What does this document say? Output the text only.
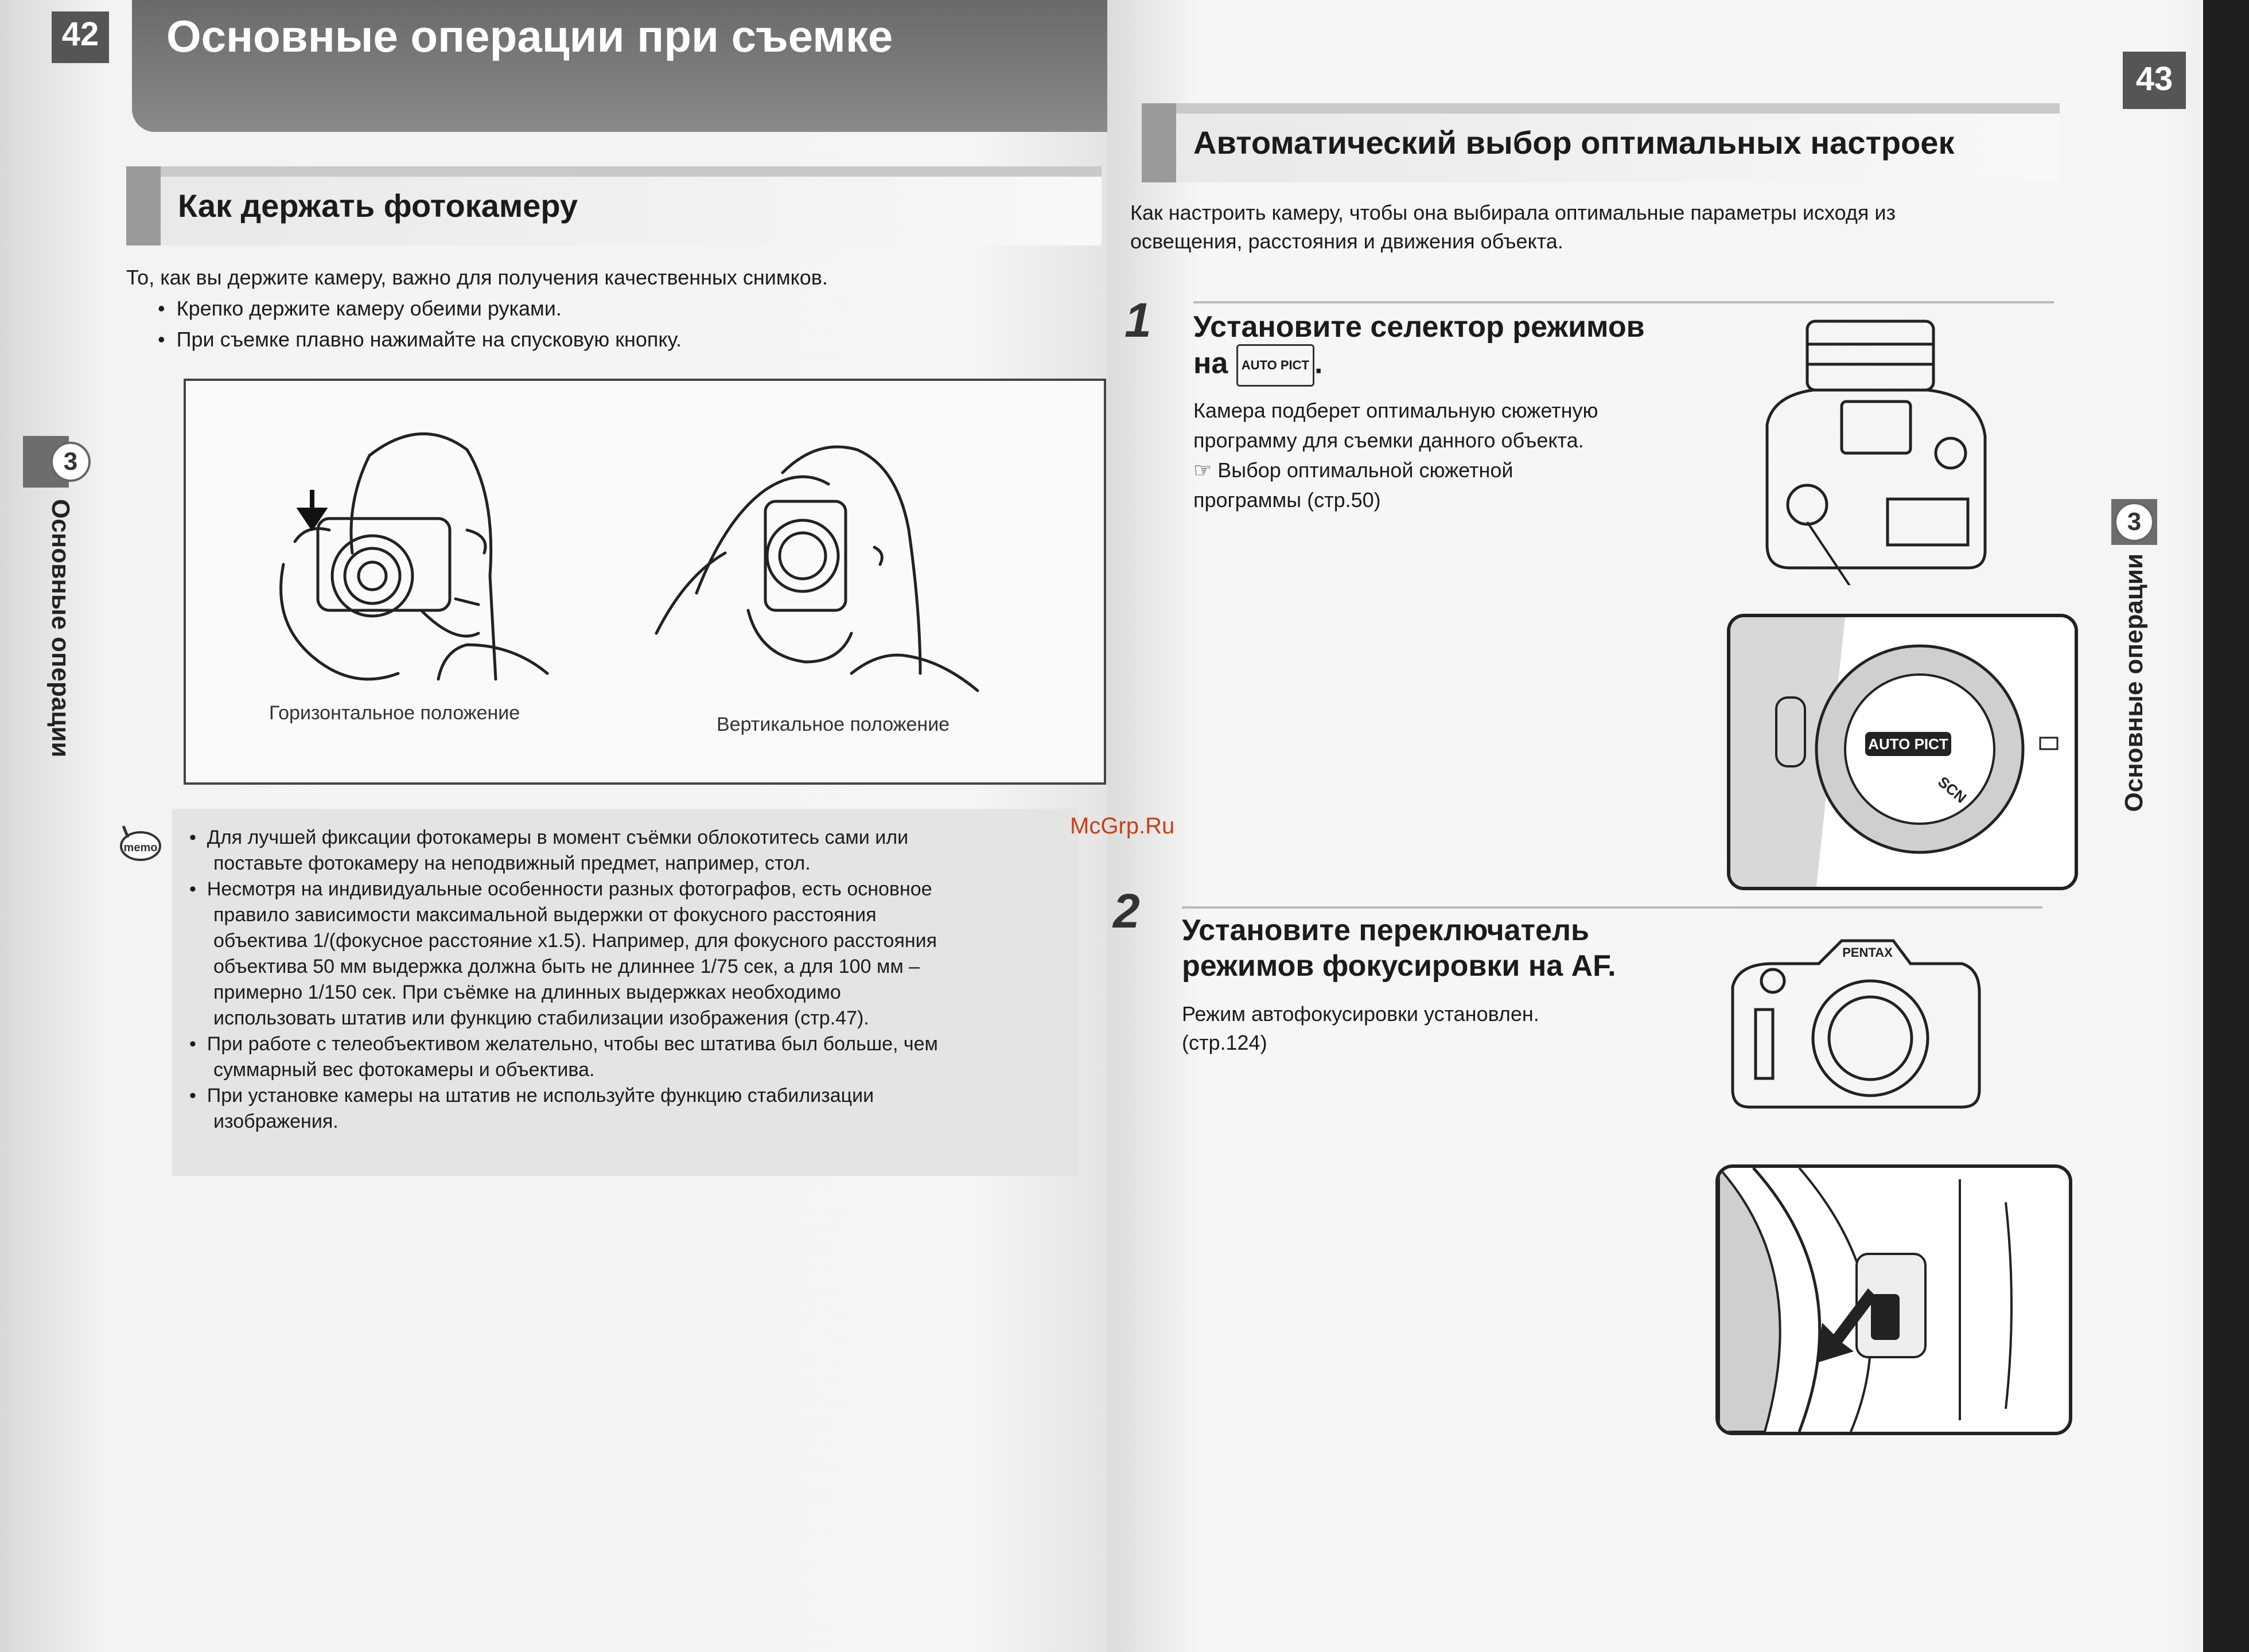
42 Основные операции при съемке
Как держать фотокамеру
То, как вы держите камеру, важно для получения качественных снимков.
•  Крепко держите камеру обеими руками.
•  При съемке плавно нажимайте на спусковую кнопку.
Горизонтальное положение
Вертикальное положение
memo •  Для лучшей фиксации фотокамеры в момент съёмки облокотитесь сами или
поставьте фотокамеру на неподвижный предмет, например, стол.
•  Несмотря на индивидуальные особенности разных фотографов, есть основное
правило зависимости максимальной выдержки от фокусного расстояния
объектива 1/(фокусное расстояние x1.5). Например, для фокусного расстояния
объектива 50 мм выдержка должна быть не длиннее 1/75 сек, а для 100 мм –
примерно 1/150 сек. При съёмке на длинных выдержках необходимо
использовать штатив или функцию стабилизации изображения (стр.47).
•  При работе с телеобъективом желательно, чтобы вес штатива был больше, чем
суммарный вес фотокамеры и объектива.
•  При установке камеры на штатив не используйте функцию стабилизации
изображения.
3
Основные операции
43
Автоматический выбор оптимальных настроек
Как настроить камеру, чтобы она выбирала оптимальные параметры исходя из
освещения, расстояния и движения объекта.
1 Установите селектор режимов
на AUTO PICT .
Камера подберет оптимальную сюжетную
программу для съемки данного объекта.
☞ Выбор оптимальной сюжетной
программы (стр.50)
AUTO PICT
SCN
2 Установите переключатель
режимов фокусировки на AF.
Режим автофокусировки установлен.
(стр.124)
PENTAX
3
Основные операции
McGrp.Ru
